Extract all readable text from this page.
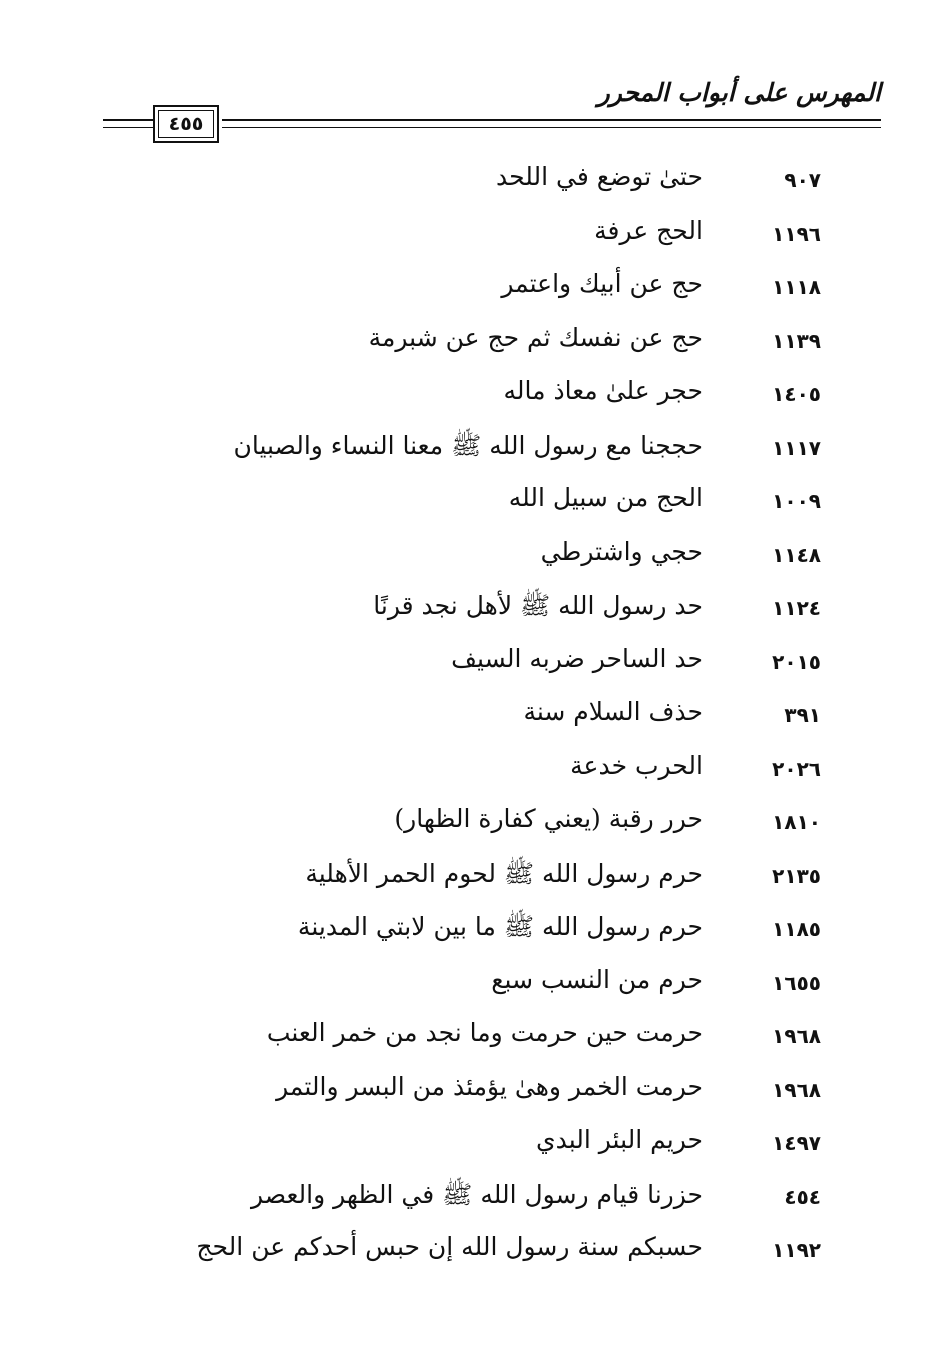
المهرس على أبواب المحرر
٤٥٥
٩٠٧
حتىٰ توضع في اللحد
١١٩٦
الحج عرفة
١١١٨
حج عن أبيك واعتمر
١١٣٩
حج عن نفسك ثم حج عن شبرمة
١٤٠٥
حجر علىٰ معاذ ماله
١١١٧
حججنا مع رسول الله ﷺ معنا النساء والصبيان
١٠٠٩
الحج من سبيل الله
١١٤٨
حجي واشترطي
١١٢٤
حد رسول الله ﷺ لأهل نجد قرنًا
٢٠١٥
حد الساحر ضربه السيف
٣٩١
حذف السلام سنة
٢٠٢٦
الحرب خدعة
١٨١٠
حرر رقبة (يعني كفارة الظهار)
٢١٣٥
حرم رسول الله ﷺ لحوم الحمر الأهلية
١١٨٥
حرم رسول الله ﷺ ما بين لابتي المدينة
١٦٥٥
حرم من النسب سبع
١٩٦٨
حرمت حين حرمت وما نجد من خمر العنب
١٩٦٨
حرمت الخمر وهىٰ يؤمئذ من البسر والتمر
١٤٩٧
حريم البئر البدي
٤٥٤
حزرنا قيام رسول الله ﷺ في الظهر والعصر
١١٩٢
حسبكم سنة رسول الله إن حبس أحدكم عن الحج
